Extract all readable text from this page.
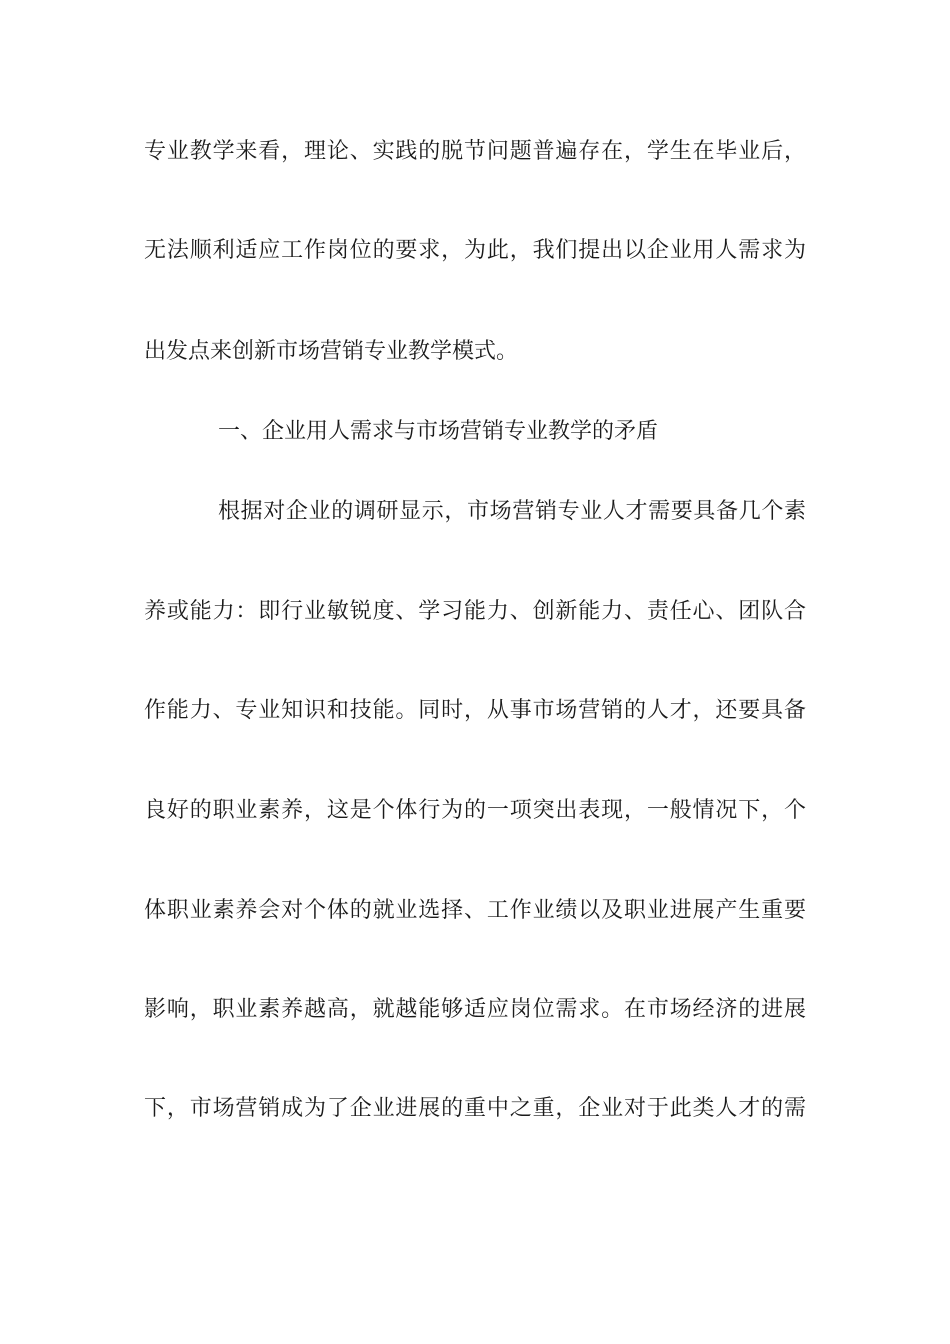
专业教学来看，理论、实践的脱节问题普遍存在，学生在毕业后，
无法顺利适应工作岗位的要求，为此，我们提出以企业用人需求为
出发点来创新市场营销专业教学模式。
一、企业用人需求与市场营销专业教学的矛盾
根据对企业的调研显示，市场营销专业人才需要具备几个素
养或能力：即行业敏锐度、学习能力、创新能力、责任心、团队合
作能力、专业知识和技能。同时，从事市场营销的人才，还要具备
良好的职业素养，这是个体行为的一项突出表现，一般情况下，个
体职业素养会对个体的就业选择、工作业绩以及职业进展产生重要
影响，职业素养越高，就越能够适应岗位需求。在市场经济的进展
下，市场营销成为了企业进展的重中之重，企业对于此类人才的需
